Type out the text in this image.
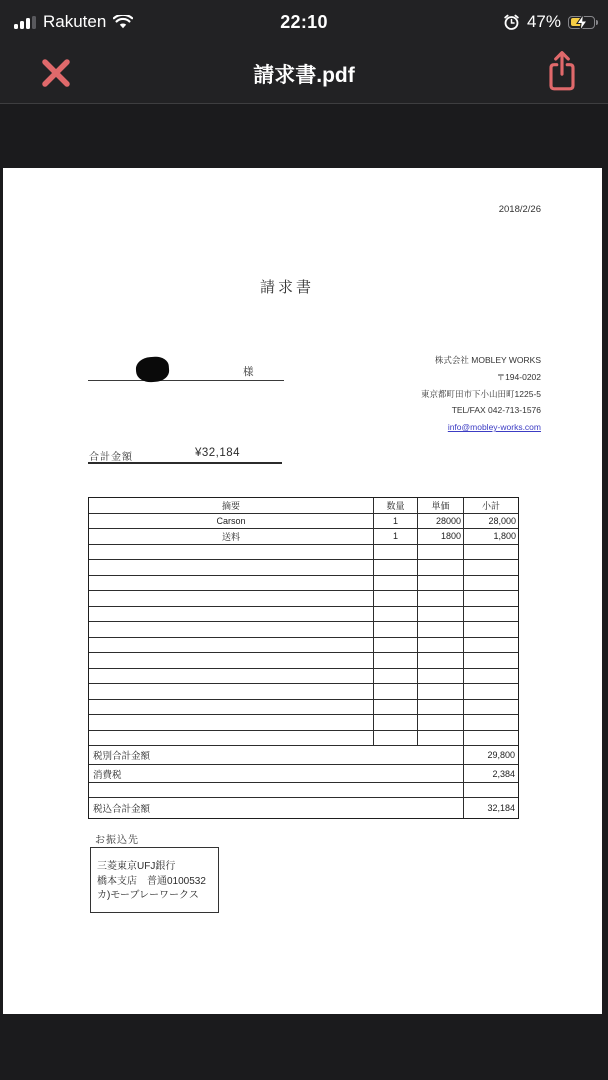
Rakuten	22:10	47%
請求書.pdf
2018/2/26
請求書
様
株式会社 MOBLEY WORKS
〒194-0202
東京都町田市下小山田町1225-5
TEL/FAX 042-713-1576
info@mobley-works.com
合計金額	¥32,184
摘要	数量	単価	小計
Carson	1	28000	28,000
送料	1	1800	1,800
税別合計金額	29,800
消費税	2,384
税込合計金額	32,184
お振込先
三菱東京UFJ銀行
橋本支店　普通0100532
カ)モーブレーワークス
